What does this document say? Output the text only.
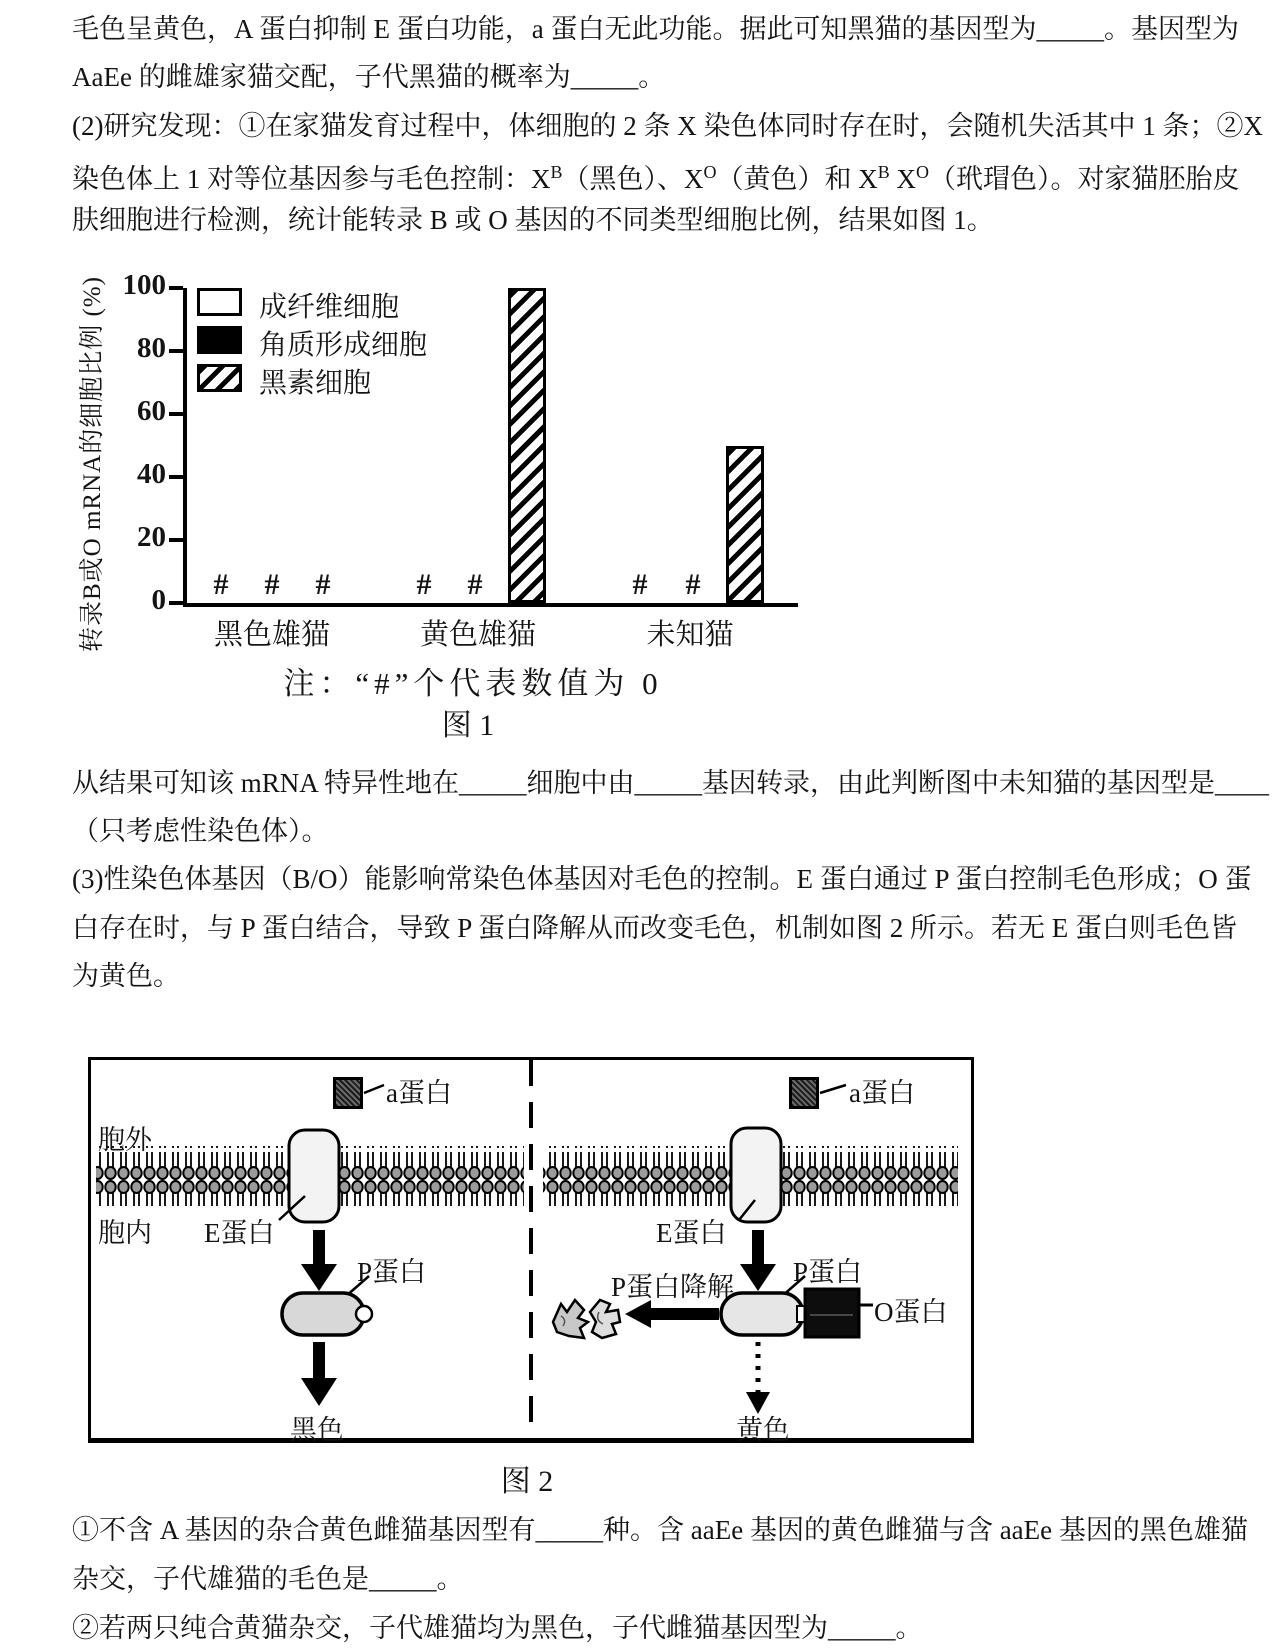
毛色呈黄色，A 蛋白抑制 E 蛋白功能，a 蛋白无此功能。据此可知黑猫的基因型为_____。基因型为
AaEe 的雌雄家猫交配，子代黑猫的概率为_____。
(2)研究发现：①在家猫发育过程中，体细胞的 2 条 X 染色体同时存在时，会随机失活其中 1 条；②X
染色体上 1 对等位基因参与毛色控制：$X^B$（黑色）、$X^O$（黄色）和 $X^B$ $X^O$（玳瑁色）。对家猫胚胎皮
肤细胞进行检测，统计能转录 B 或 O 基因的不同类型细胞比例，结果如图 1。
转录B或O mRNA的细胞比例 (%)	0
20
40
60
80
100
黑色雄猫	黄色雄猫	未知猫
成纤维细胞
#	#	#
角质形成细胞
#	#	#
黑素细胞
#
注：“#”个代表数值为 0
图 1
从结果可知该 mRNA 特异性地在_____细胞中由_____基因转录，由此判断图中未知猫的基因型是____
（只考虑性染色体）。
(3)性染色体基因（B/O）能影响常染色体基因对毛色的控制。E 蛋白通过 P 蛋白控制毛色形成；O 蛋
白存在时，与 P 蛋白结合，导致 P 蛋白降解从而改变毛色，机制如图 2 所示。若无 E 蛋白则毛色皆
为黄色。
胞外
胞内
a蛋白	a蛋白
E蛋白	E蛋白
P蛋白	P蛋白
P蛋白降解
O蛋白
黑色	黄色
图 2
①不含 A 基因的杂合黄色雌猫基因型有_____种。含 aaEe 基因的黄色雌猫与含 aaEe 基因的黑色雄猫
杂交，子代雄猫的毛色是_____。
②若两只纯合黄猫杂交，子代雄猫均为黑色，子代雌猫基因型为_____。
